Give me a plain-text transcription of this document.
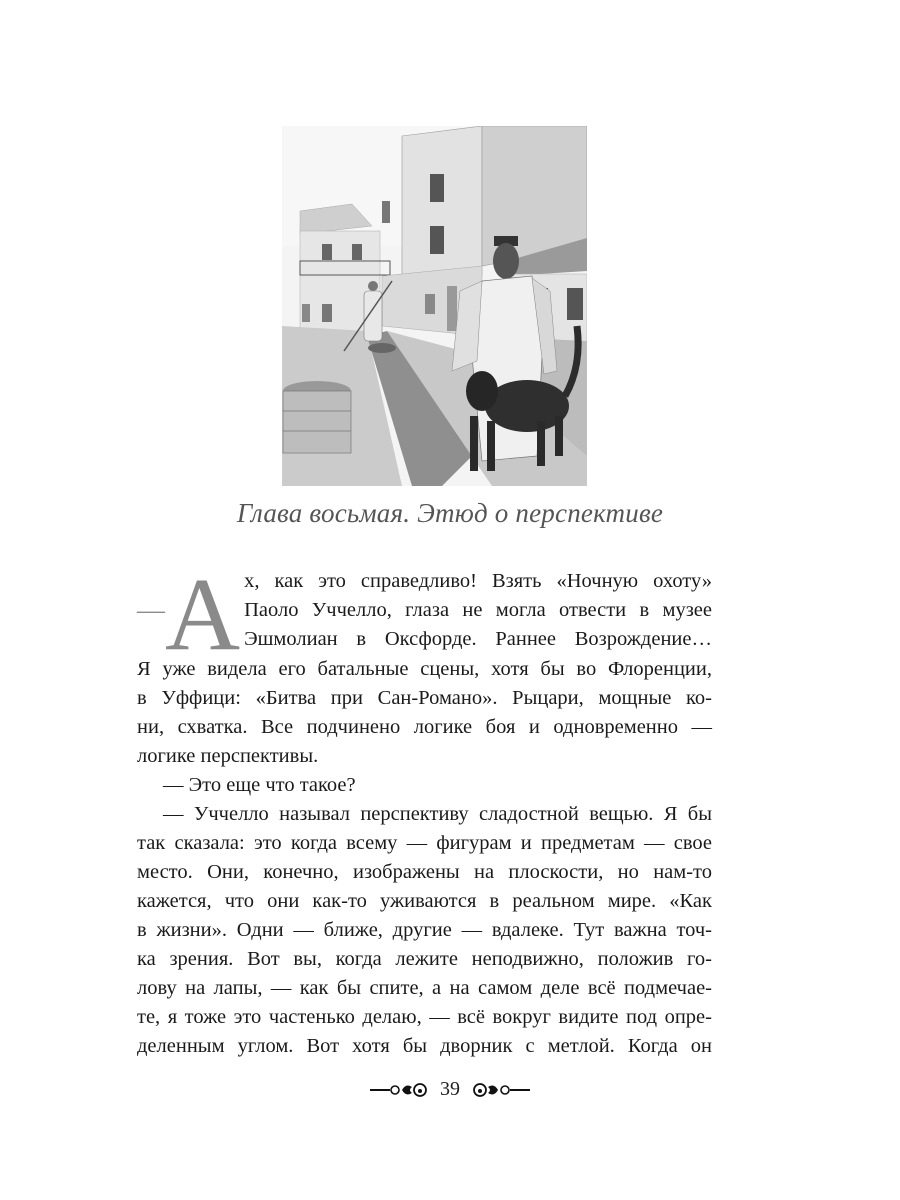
Глава восьмая. Этюд о перспективе
— А х, как это справедливо! Взять «Ночную охоту»
Паоло Уччелло, глаза не могла отвести в музее
Эшмолиан в Оксфорде. Раннее Возрождение…
Я уже видела его батальные сцены, хотя бы во Флоренции,
в Уффици: «Битва при Сан-Романо». Рыцари, мощные ко-
ни, схватка. Все подчинено логике боя и одновременно —
логике перспективы.
— Это еще что такое?
— Уччелло называл перспективу сладостной вещью. Я бы
так сказала: это когда всему — фигурам и предметам — свое
место. Они, конечно, изображены на плоскости, но нам-то
кажется, что они как-то уживаются в реальном мире. «Как
в жизни». Одни — ближе, другие — вдалеке. Тут важна точ-
ка зрения. Вот вы, когда лежите неподвижно, положив го-
лову на лапы, — как бы спите, а на самом деле всё подмечае-
те, я тоже это частенько делаю, — всё вокруг видите под опре-
деленным углом. Вот хотя бы дворник с метлой. Когда он
39
